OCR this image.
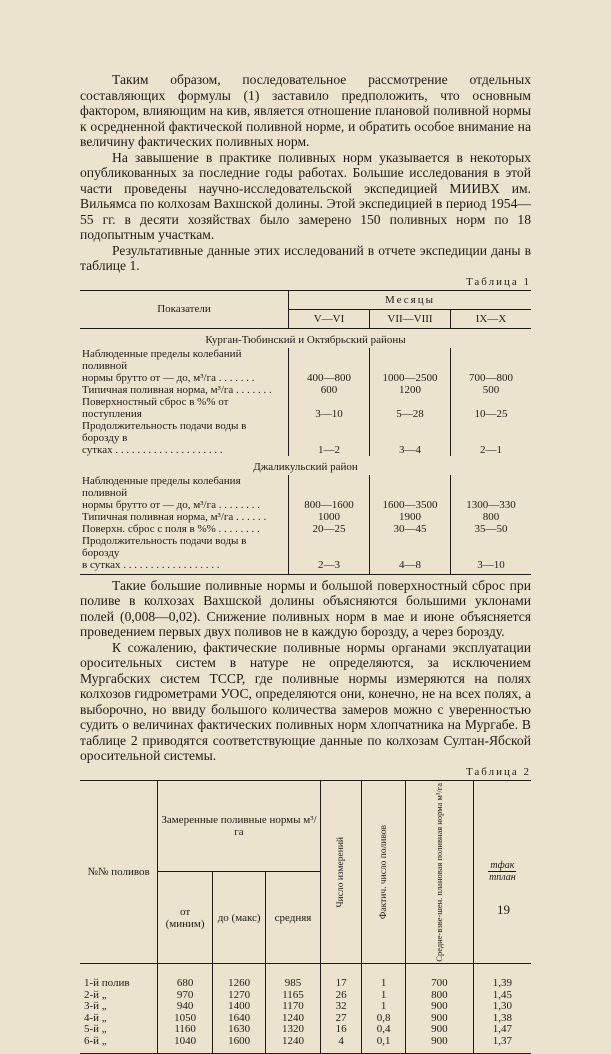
Таким образом, последовательное рассмотрение отдельных составляющих формулы (1) заставило предположить, что основным фактором, влияющим на кив, является отношение плановой поливной нормы к осредненной фактической поливной норме, и обратить особое внимание на величину фактических поливных норм.

На завышение в практике поливных норм указывается в некоторых опубликованных за последние годы работах. Большие исследования в этой части проведены научно-исследовательской экспедицией МИИВХ им. Вильямса по колхозам Вахшской долины. Этой экспедицией в период 1954—55 гг. в десяти хозяйствах было замерено 150 поливных норм по 18 подопытным участкам.

Результативные данные этих исследований в отчете экспедиции даны в таблице 1.

Таблица 1
Показатели	Месяцы		
	V—VI	VII—VIII	IX—X
Курган-Тюбинский и Октябрьский районы			

Наблюденные пределы колебаний поливной
нормы брутто от — до, м³/га . . . . . . .	400—800	1000—2500	700—800

Типичная поливная норма, м³/га . . . . . . .	600	1200	500

Поверхностный сброс в %% от поступления	3—10	5—28	10—25

Продолжительность подачи воды в борозду в
сутках . . . . . . . . . . . . . . . . . . . .	1—2	3—4	2—1
Джаликульский район			

Наблюденные пределы колебания поливной
нормы брутто от — до, м³/га . . . . . . . .	800—1600	1600—3500	1300—330

Типичная поливная норма, м³/га . . . . . .	1000	1900	800

Поверхн. сброс с поля в %% . . . . . . . .	20—25	30—45	35—50

Продолжительность подачи воды в борозду
в сутках . . . . . . . . . . . . . . . . . .	2—3	4—8	3—10

Такие большие поливные нормы и большой поверхностный сброс при поливе в колхозах Вахшской долины объясняются большими уклонами полей (0,008—0,02). Снижение поливных норм в мае и июне объясняется проведением первых двух поливов не в каждую борозду, а через борозду.

К сожалению, фактические поливные нормы органами эксплуатации оросительных систем в натуре не определяются, за исключением Мургабских систем ТССР, где поливные нормы измеряются на полях колхозов гидрометрами УОС, определяются они, конечно, не на всех полях, а выборочно, но ввиду большого количества замеров можно с уверенностью судить о величинах фактических поливных норм хлопчатника на Мургабе. В таблице 2 приводятся соответствующие данные по колхозам Султан-Ябской оросительной системы.

Таблица 2
№№ поливов	Замеренные поливные нормы м³/га			Число измерений	Фактич. число поливов	Средне-взве-шен. плановая поливная норма м³/га	$\frac{\text{mфак}}{\text{mплан}}$
	от (миним)	до (макс)	средняя				
1-й полив	680	1260	985	17	1	700	1,39
2-й „	970	1270	1165	26	1	800	1,45
3-й „	940	1400	1170	32	1	900	1,30
4-й „	1050	1640	1240	27	0,8	900	1,38
5-й „	1160	1630	1320	16	0,4	900	1,47
6-й „	1040	1600	1240	4	0,1	900	1,37
19
